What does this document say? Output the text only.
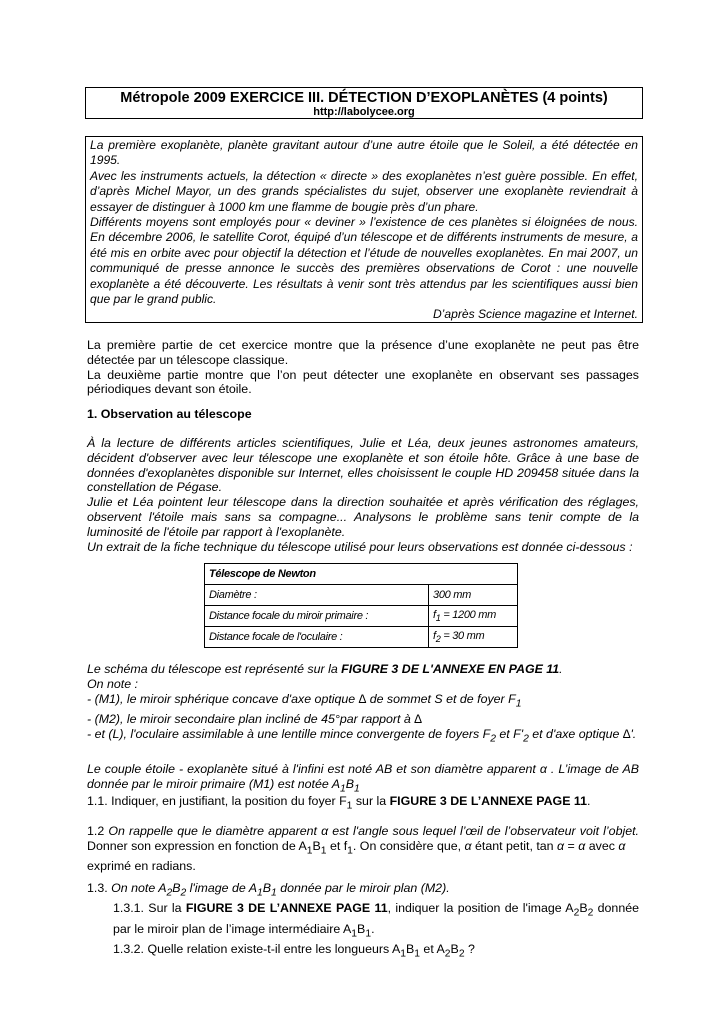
Métropole 2009 EXERCICE III. DÉTECTION D’EXOPLANÈTES (4 points)
http://labolycee.org

La première exoplanète, planète gravitant autour d’une autre étoile que le Soleil, a été détectée en 1995.

Avec les instruments actuels, la détection « directe » des exoplanètes n’est guère possible. En effet, d’après Michel Mayor, un des grands spécialistes du sujet, observer une exoplanète reviendrait à essayer de distinguer à 1000 km une flamme de bougie près d’un phare.

Différents moyens sont employés pour « deviner » l’existence de ces planètes si éloignées de nous. En décembre 2006, le satellite Corot, équipé d’un télescope et de différents instruments de mesure, a été mis en orbite avec pour objectif la détection et l’étude de nouvelles exoplanètes. En mai 2007, un communiqué de presse annonce le succès des premières observations de Corot : une nouvelle exoplanète a été découverte. Les résultats à venir sont très attendus par les scientifiques aussi bien que par le grand public.

D’après Science magazine et Internet.

La première partie de cet exercice montre que la présence d’une exoplanète ne peut pas être détectée par un télescope classique.

La deuxième partie montre que l’on peut détecter une exoplanète en observant ses passages périodiques devant son étoile.

1. Observation au télescope

À la lecture de différents articles scientifiques, Julie et Léa, deux jeunes astronomes amateurs, décident d'observer avec leur télescope une exoplanète et son étoile hôte. Grâce à une base de données d'exoplanètes disponible sur Internet, elles choisissent le couple HD 209458 située dans la constellation de Pégase.

Julie et Léa pointent leur télescope dans la direction souhaitée et après vérification des réglages, observent l'étoile mais sans sa compagne... Analysons le problème sans tenir compte de la luminosité de l'étoile par rapport à l'exoplanète.

Un extrait de la fiche technique du télescope utilisé pour leurs observations est donnée ci-dessous :

Télescope de Newton	
Diamètre :	300 mm
Distance focale du miroir primaire :	$f_1 = 1200$ mm
Distance focale de l'oculaire :	$f_2 = 30$ mm

Le schéma du télescope est représenté sur la FIGURE 3 DE L'ANNEXE EN PAGE 11.

On note :

- (M1), le miroir sphérique concave d'axe optique ∆ de sommet S et de foyer $F_1$

- (M2), le miroir secondaire plan incliné de 45°par rapport à ∆

- et (L), l'oculaire assimilable à une lentille mince convergente de foyers $F_2$ et $F'_2$ et d'axe optique ∆'.

Le couple étoile - exoplanète situé à l'infini est noté AB et son diamètre apparent α . L’image de AB donnée par le miroir primaire (M1) est notée $A_1B_1$

1.1. Indiquer, en justifiant, la position du foyer $F_1$ sur la FIGURE 3 DE L’ANNEXE PAGE 11.
1.2 On rappelle que le diamètre apparent α est l'angle sous lequel l’œil de l’observateur voit l’objet. Donner son expression en fonction de $A_1B_1$ et $f_1$. On considère que, α étant petit, tan α = α avec α
exprimé en radians.

1.3. On note $A_2B_2$ l'image de $A_1B_1$ donnée par le miroir plan (M2).

1.3.1. Sur la FIGURE 3 DE L’ANNEXE PAGE 11, indiquer la position de l'image $A_2B_2$ donnée par le miroir plan de l’image intermédiaire $A_1B_1$.

1.3.2. Quelle relation existe-t-il entre les longueurs $A_1B_1$ et $A_2B_2$ ?
